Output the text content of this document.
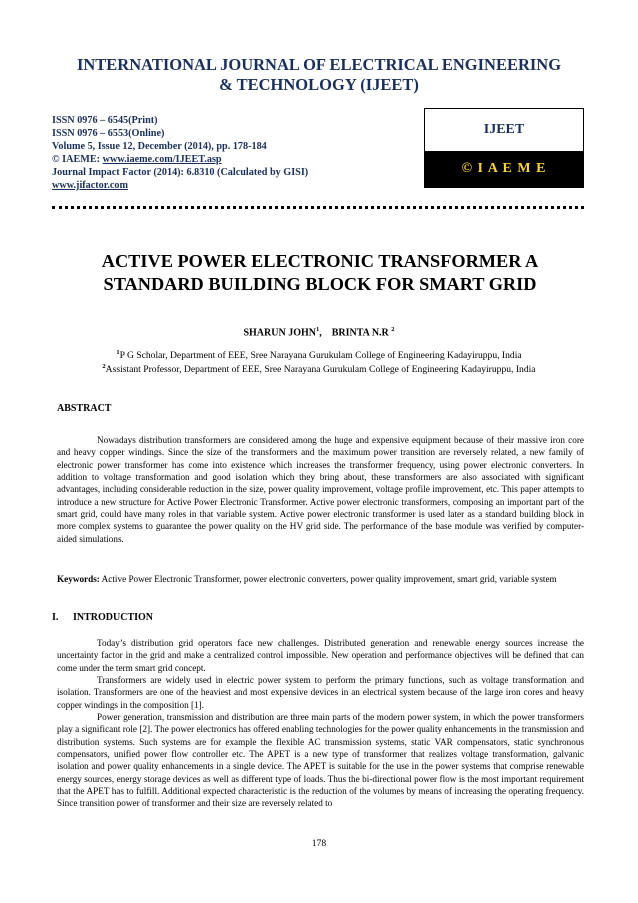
INTERNATIONAL JOURNAL OF ELECTRICAL ENGINEERING
& TECHNOLOGY (IJEET)
ISSN 0976 – 6545(Print)
ISSN 0976 – 6553(Online)
Volume 5, Issue 12, December (2014), pp. 178-184
© IAEME: www.iaeme.com/IJEET.asp
Journal Impact Factor (2014): 6.8310 (Calculated by GISI)
www.jifactor.com
IJEET
© I A E M E
ACTIVE POWER ELECTRONIC TRANSFORMER A
STANDARD BUILDING BLOCK FOR SMART GRID
SHARUN JOHN$^1$, BRINTA N.R $^2$
$^1$P G Scholar, Department of EEE, Sree Narayana Gurukulam College of Engineering Kadayiruppu, India
$^2$Assistant Professor, Department of EEE, Sree Narayana Gurukulam College of Engineering Kadayiruppu, India
ABSTRACT
Nowadays distribution transformers are considered among the huge and expensive equipment because of their massive iron core and heavy copper windings. Since the size of the transformers and the maximum power transition are reversely related, a new family of electronic power transformer has come into existence which increases the transformer frequency, using power electronic converters. In addition to voltage transformation and good isolation which they bring about, these transformers are also associated with significant advantages, including considerable reduction in the size, power quality improvement, voltage profile improvement, etc. This paper attempts to introduce a new structure for Active Power Electronic Transformer. Active power electronic transformers, composing an important part of the smart grid, could have many roles in that variable system. Active power electronic transformer is used later as a standard building block in more complex systems to guarantee the power quality on the HV grid side. The performance of the base module was verified by computer-aided simulations.
Keywords: Active Power Electronic Transformer, power electronic converters, power quality improvement, smart grid, variable system
I. INTRODUCTION
Today’s distribution grid operators face new challenges. Distributed generation and renewable energy sources increase the uncertainty factor in the grid and make a centralized control impossible. New operation and performance objectives will be defined that can come under the term smart grid concept.
Transformers are widely used in electric power system to perform the primary functions, such as voltage transformation and isolation. Transformers are one of the heaviest and most expensive devices in an electrical system because of the large iron cores and heavy copper windings in the composition [1].
Power generation, transmission and distribution are three main parts of the modern power system, in which the power transformers play a significant role [2]. The power electronics has offered enabling technologies for the power quality enhancements in the transmission and distribution systems. Such systems are for example the flexible AC transmission systems, static VAR compensators, static synchronous compensators, unified power flow controller etc. The APET is a new type of transformer that realizes voltage transformation, galvanic isolation and power quality enhancements in a single device. The APET is suitable for the use in the power systems that comprise renewable energy sources, energy storage devices as well as different type of loads. Thus the bi-directional power flow is the most important requirement that the APET has to fulfill. Additional expected characteristic is the reduction of the volumes by means of increasing the operating frequency. Since transition power of transformer and their size are reversely related to
178
